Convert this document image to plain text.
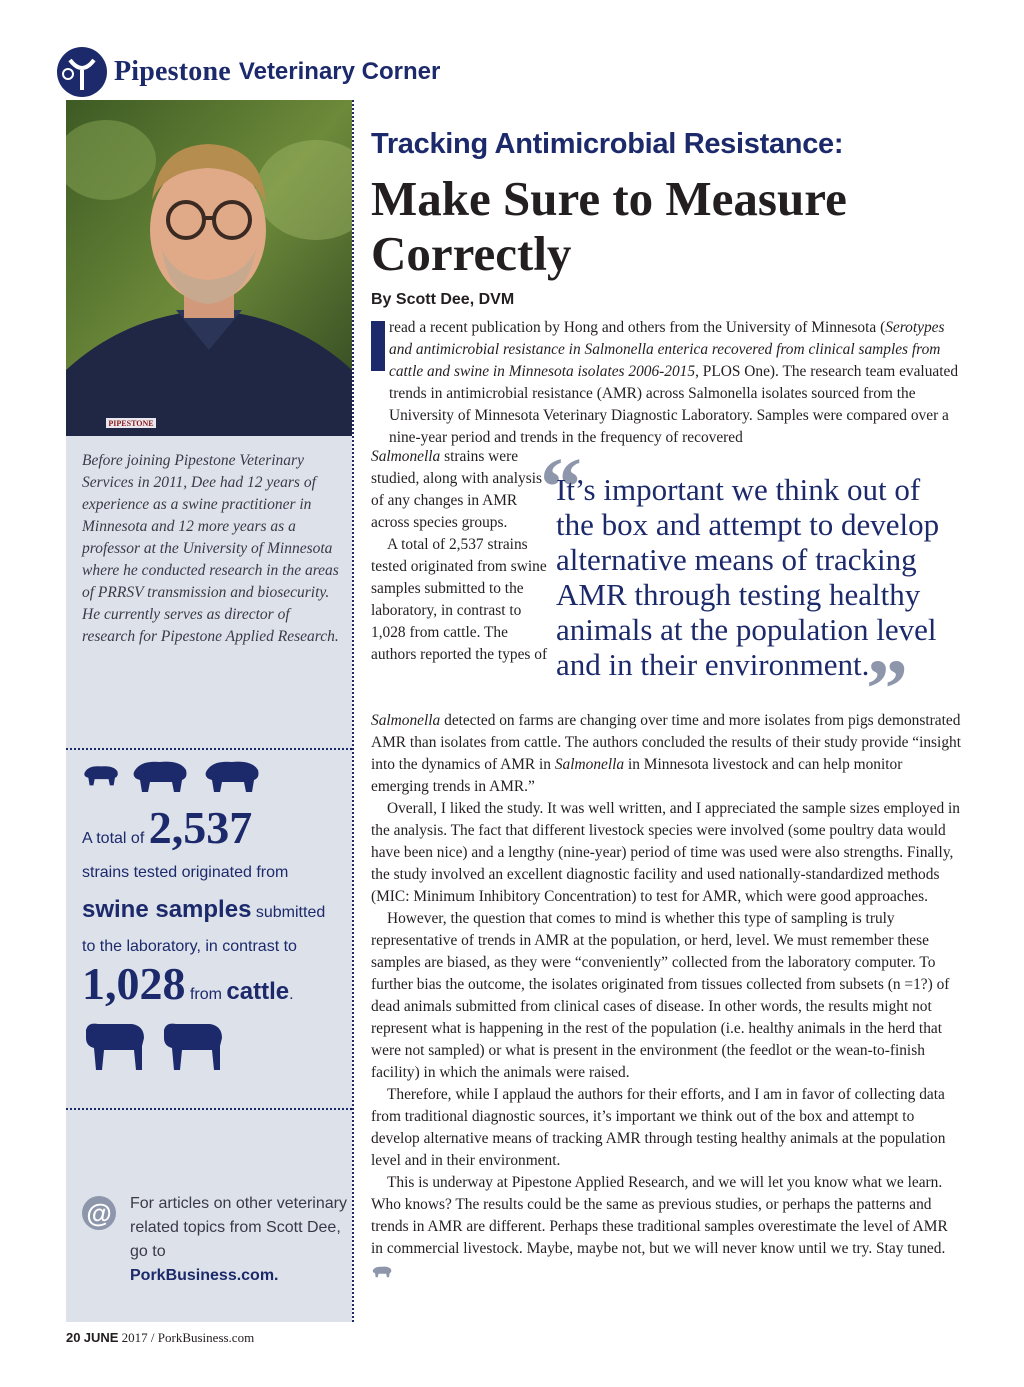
Pipestone Veterinary Corner
PIPESTONE
Before joining Pipestone Veterinary Services in 2011, Dee had 12 years of experience as a swine practitioner in Minnesota and 12 more years as a professor at the University of Minnesota where he conducted research in the areas of PRRSV transmission and biosecurity. He currently serves as director of research for Pipestone Applied Research.
A total of 2,537
strains tested originated from
swine samples submitted
to the laboratory, in contrast to
1,028 from cattle.
@ For articles on other veterinary related topics from Scott Dee, go to
PorkBusiness.com.
Tracking Antimicrobial Resistance:
Make Sure to Measure Correctly
By Scott Dee, DVM

read a recent publication by Hong and others from the University of Minnesota (Serotypes and antimicrobial resistance in Salmonella enterica recovered from clinical samples from cattle and swine in Minnesota isolates 2006-2015, PLOS One). The research team evaluated trends in antimicrobial resistance (AMR) across Salmonella isolates sourced from the University of Minnesota Veterinary Diagnostic Laboratory. Samples were compared over a nine-year period and trends in the frequency of recovered

Salmonella strains were studied, along with analysis of any changes in AMR across species groups.
A total of 2,537 strains tested originated from swine samples submitted to the laboratory, in contrast to 1,028 from cattle. The authors reported the types of
“
It’s important we think out of the box and attempt to develop alternative means of tracking AMR through testing healthy animals at the population level and in their environment.
”

Salmonella detected on farms are changing over time and more isolates from pigs demonstrated AMR than isolates from cattle. The authors concluded the results of their study provide “insight into the dynamics of AMR in Salmonella in Minnesota livestock and can help monitor emerging trends in AMR.”

Overall, I liked the study. It was well written, and I appreciated the sample sizes employed in the analysis. The fact that different livestock species were involved (some poultry data would have been nice) and a lengthy (nine-year) period of time was used were also strengths. Finally, the study involved an excellent diagnostic facility and used nationally-standardized methods (MIC: Minimum Inhibitory Concentration) to test for AMR, which were good approaches.

However, the question that comes to mind is whether this type of sampling is truly representative of trends in AMR at the population, or herd, level. We must remember these samples are biased, as they were “conveniently” collected from the laboratory computer. To further bias the outcome, the isolates originated from tissues collected from subsets (n =1?) of dead animals submitted from clinical cases of disease. In other words, the results might not represent what is happening in the rest of the population (i.e. healthy animals in the herd that were not sampled) or what is present in the environment (the feedlot or the wean-to-finish facility) in which the animals were raised.

Therefore, while I applaud the authors for their efforts, and I am in favor of collecting data from traditional diagnostic sources, it’s important we think out of the box and attempt to develop alternative means of tracking AMR through testing healthy animals at the population level and in their environment.

This is underway at Pipestone Applied Research, and we will let you know what we learn. Who knows? The results could be the same as previous studies, or perhaps the patterns and trends in AMR are different. Perhaps these traditional samples overestimate the level of AMR in commercial livestock. Maybe, maybe not, but we will never know until we try. Stay tuned.

20 JUNE 2017 / PorkBusiness.com
